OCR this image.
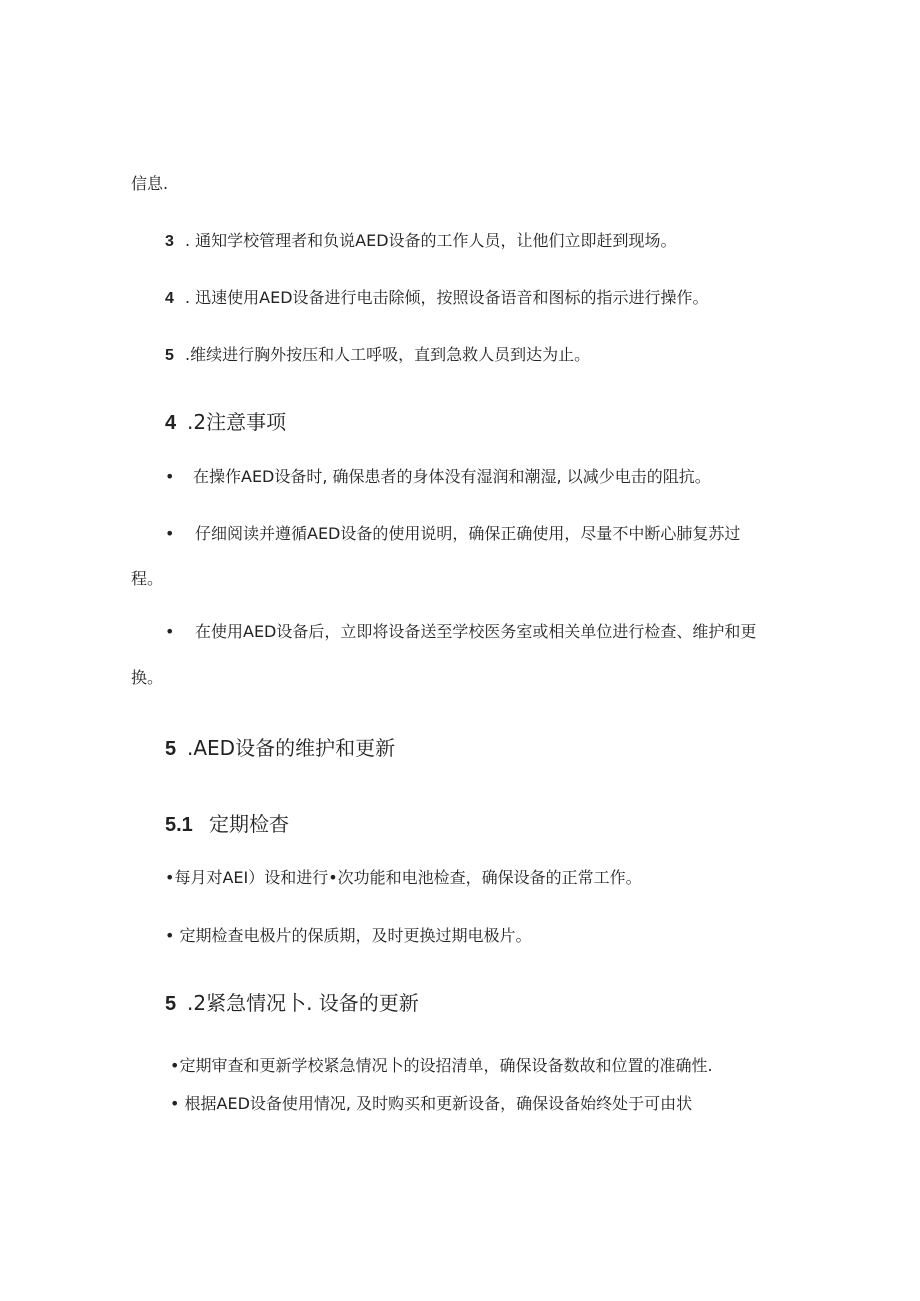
信息.
3 . 通知学校管理者和负说AED设备的工作人员，让他们立即赶到现场。
4 . 迅速使用AED设备进行电击除倾，按照设备语音和图标的指示进行操作。
5 .维续进行胸外按压和人工呼吸，直到急救人员到达为止。
4 .2注意事项
• 在操作AED设备时, 确保患者的身体没有湿润和潮湿, 以减少电击的阻抗。
• 仔细阅读并遵循AED设备的使用说明，确保正确使用，尽量不中断心肺复苏过
程。
• 在使用AED设备后，立即将设备送至学校医务室或相关单位进行检查、维护和更
换。
5 .AED设备的维护和更新
5.1 定期检杳
•每月对AEI）设和进行•次功能和电池检查，确保设备的正常工作。
• 定期检查电极片的保质期，及时更换过期电极片。
5 .2紧急情况卜. 设备的更新
•定期审查和更新学校紧急情况卜的设招清单，确保设备数故和位置的准确性.
• 根据AED设备使用情况, 及时购买和更新设备，确保设备始终处于可由状
